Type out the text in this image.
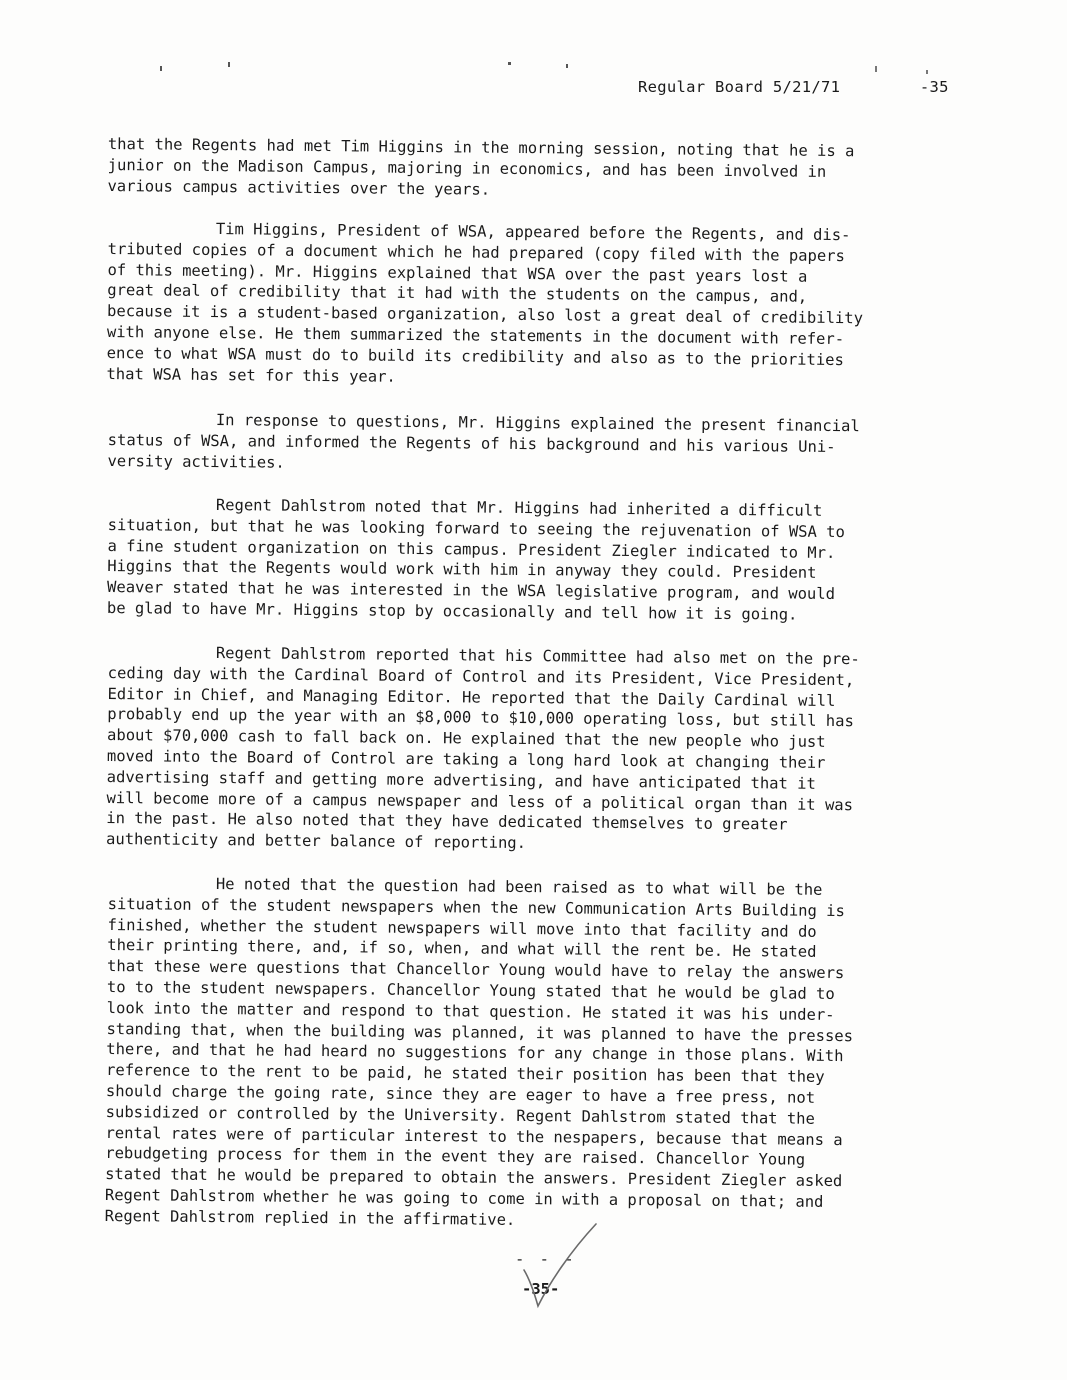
Regular Board 5/21/71	-35
that the Regents had met Tim Higgins in the morning session, noting that he is a
junior on the Madison Campus, majoring in economics, and has been involved in
various campus activities over the years.
Tim Higgins, President of WSA, appeared before the Regents, and dis-
tributed copies of a document which he had prepared (copy filed with the papers
of this meeting). Mr. Higgins explained that WSA over the past years lost a
great deal of credibility that it had with the students on the campus, and,
because it is a student-based organization, also lost a great deal of credibility
with anyone else. He them summarized the statements in the document with refer-
ence to what WSA must do to build its credibility and also as to the priorities
that WSA has set for this year.
In response to questions, Mr. Higgins explained the present financial
status of WSA, and informed the Regents of his background and his various Uni-
versity activities.
Regent Dahlstrom noted that Mr. Higgins had inherited a difficult
situation, but that he was looking forward to seeing the rejuvenation of WSA to
a fine student organization on this campus. President Ziegler indicated to Mr.
Higgins that the Regents would work with him in anyway they could. President
Weaver stated that he was interested in the WSA legislative program, and would
be glad to have Mr. Higgins stop by occasionally and tell how it is going.
Regent Dahlstrom reported that his Committee had also met on the pre-
ceding day with the Cardinal Board of Control and its President, Vice President,
Editor in Chief, and Managing Editor. He reported that the Daily Cardinal will
probably end up the year with an $8,000 to $10,000 operating loss, but still has
about $70,000 cash to fall back on. He explained that the new people who just
moved into the Board of Control are taking a long hard look at changing their
advertising staff and getting more advertising, and have anticipated that it
will become more of a campus newspaper and less of a political organ than it was
in the past. He also noted that they have dedicated themselves to greater
authenticity and better balance of reporting.
He noted that the question had been raised as to what will be the
situation of the student newspapers when the new Communication Arts Building is
finished, whether the student newspapers will move into that facility and do
their printing there, and, if so, when, and what will the rent be. He stated
that these were questions that Chancellor Young would have to relay the answers
to to the student newspapers. Chancellor Young stated that he would be glad to
look into the matter and respond to that question. He stated it was his under-
standing that, when the building was planned, it was planned to have the presses
there, and that he had heard no suggestions for any change in those plans. With
reference to the rent to be paid, he stated their position has been that they
should charge the going rate, since they are eager to have a free press, not
subsidized or controlled by the University. Regent Dahlstrom stated that the
rental rates were of particular interest to the nespapers, because that means a
rebudgeting process for them in the event they are raised. Chancellor Young
stated that he would be prepared to obtain the answers. President Ziegler asked
Regent Dahlstrom whether he was going to come in with a proposal on that; and
Regent Dahlstrom replied in the affirmative.
- - -
-35-
